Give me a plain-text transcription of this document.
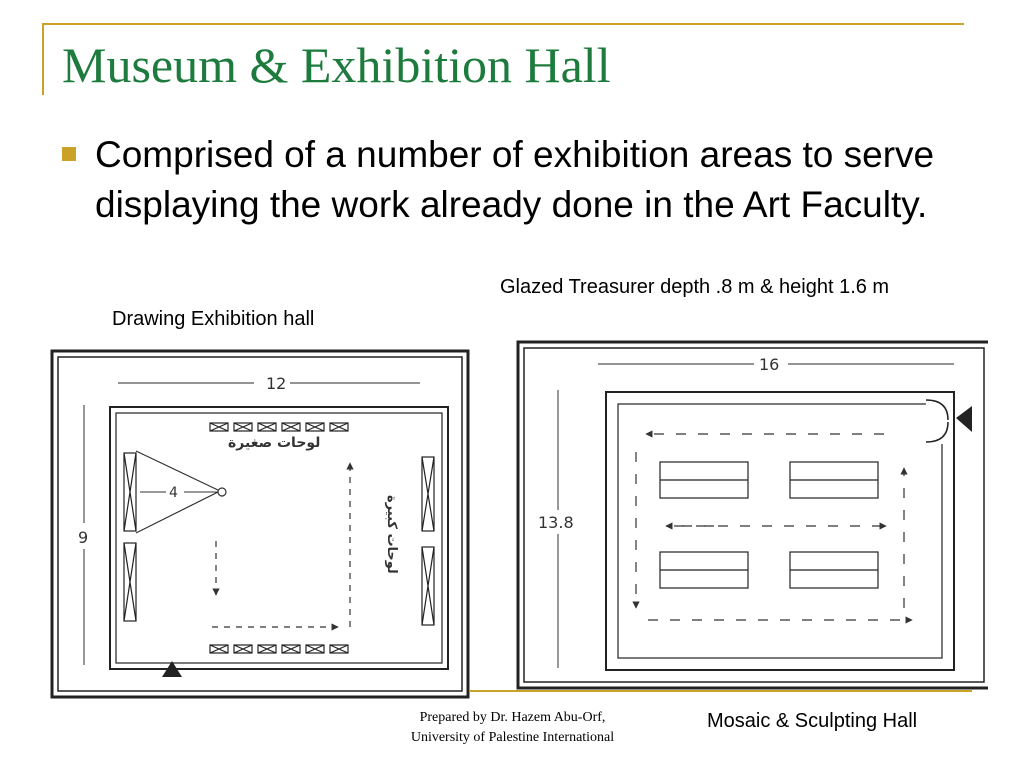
Museum & Exhibition Hall
Comprised of a number of exhibition areas to serve displaying the work already done in the Art Faculty.
Glazed Treasurer depth .8 m & height 1.6 m
Drawing Exhibition hall
12
9
لوحات صغيرة
4
لوحات كبيرة
16
13.8
Prepared by Dr. Hazem Abu-Orf,
University of Palestine International
Mosaic & Sculpting Hall
